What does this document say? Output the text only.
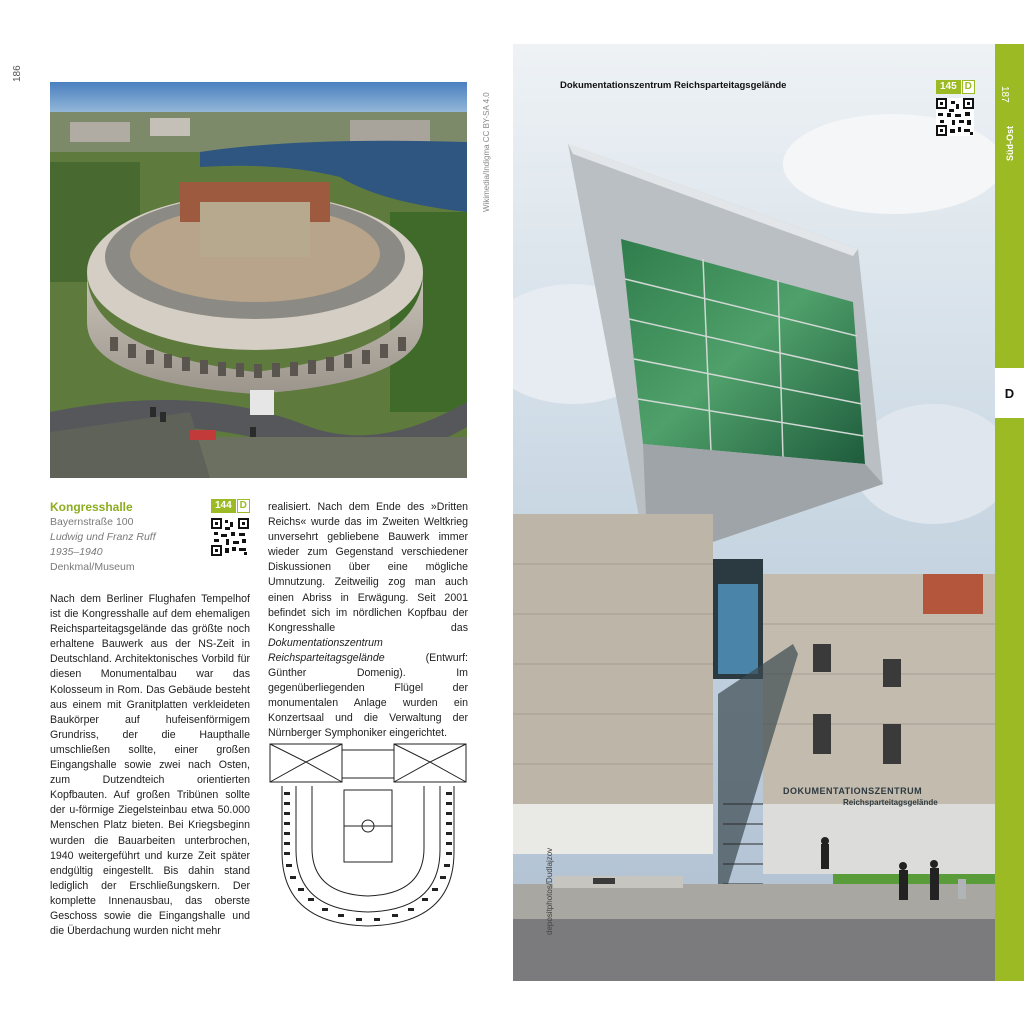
186
Wikimedia/Indigma CC BY-SA 4.0
Kongresshalle
Bayernstraße 100
Ludwig und Franz Ruff
1935–1940
Denkmal/Museum
144 D
Nach dem Berliner Flughafen Tempelhof ist die Kongresshalle auf dem ehemaligen Reichsparteitagsgelände das größte noch erhaltene Bauwerk aus der NS-Zeit in Deutschland. Architektonisches Vorbild für diesen Monumentalbau war das Kolosseum in Rom. Das Gebäude besteht aus einem mit Granitplatten verkleideten Baukörper auf hufeisenförmigem Grundriss, der die Haupthalle umschließen sollte, einer großen Eingangshalle sowie zwei nach Osten, zum Dutzendteich orientierten Kopfbauten. Auf großen Tribünen sollte der u-förmige Ziegelsteinbau etwa 50.000 Menschen Platz bieten. Bei Kriegsbeginn wurden die Bauarbeiten unterbrochen, 1940 weitergeführt und kurze Zeit später endgültig eingestellt. Bis dahin stand lediglich der Erschließungskern. Der komplette Innenausbau, das oberste Geschoss sowie die Eingangshalle und die Überdachung wurden nicht mehr
realisiert. Nach dem Ende des »Dritten Reichs« wurde das im Zweiten Weltkrieg unversehrt gebliebene Bauwerk immer wieder zum Gegenstand verschiedener Diskussionen über eine mögliche Umnutzung. Zeitweilig zog man auch einen Abriss in Erwägung. Seit 2001 befindet sich im nördlichen Kopfbau der Kongresshalle das Dokumentationszentrum Reichsparteitagsgelände	(Entwurf: Günther Domenig). Im gegenüberliegenden Flügel der monumentalen Anlage wurden ein Konzertsaal und die Verwaltung der Nürnberger Symphoniker eingerichtet.
Dokumentationszentrum Reichsparteitagsgelände	145 D
DOKUMENTATIONSZENTRUM
Reichsparteitagsgelände
depositphotos/Dudlajzov
187
Süd-Ost
D
